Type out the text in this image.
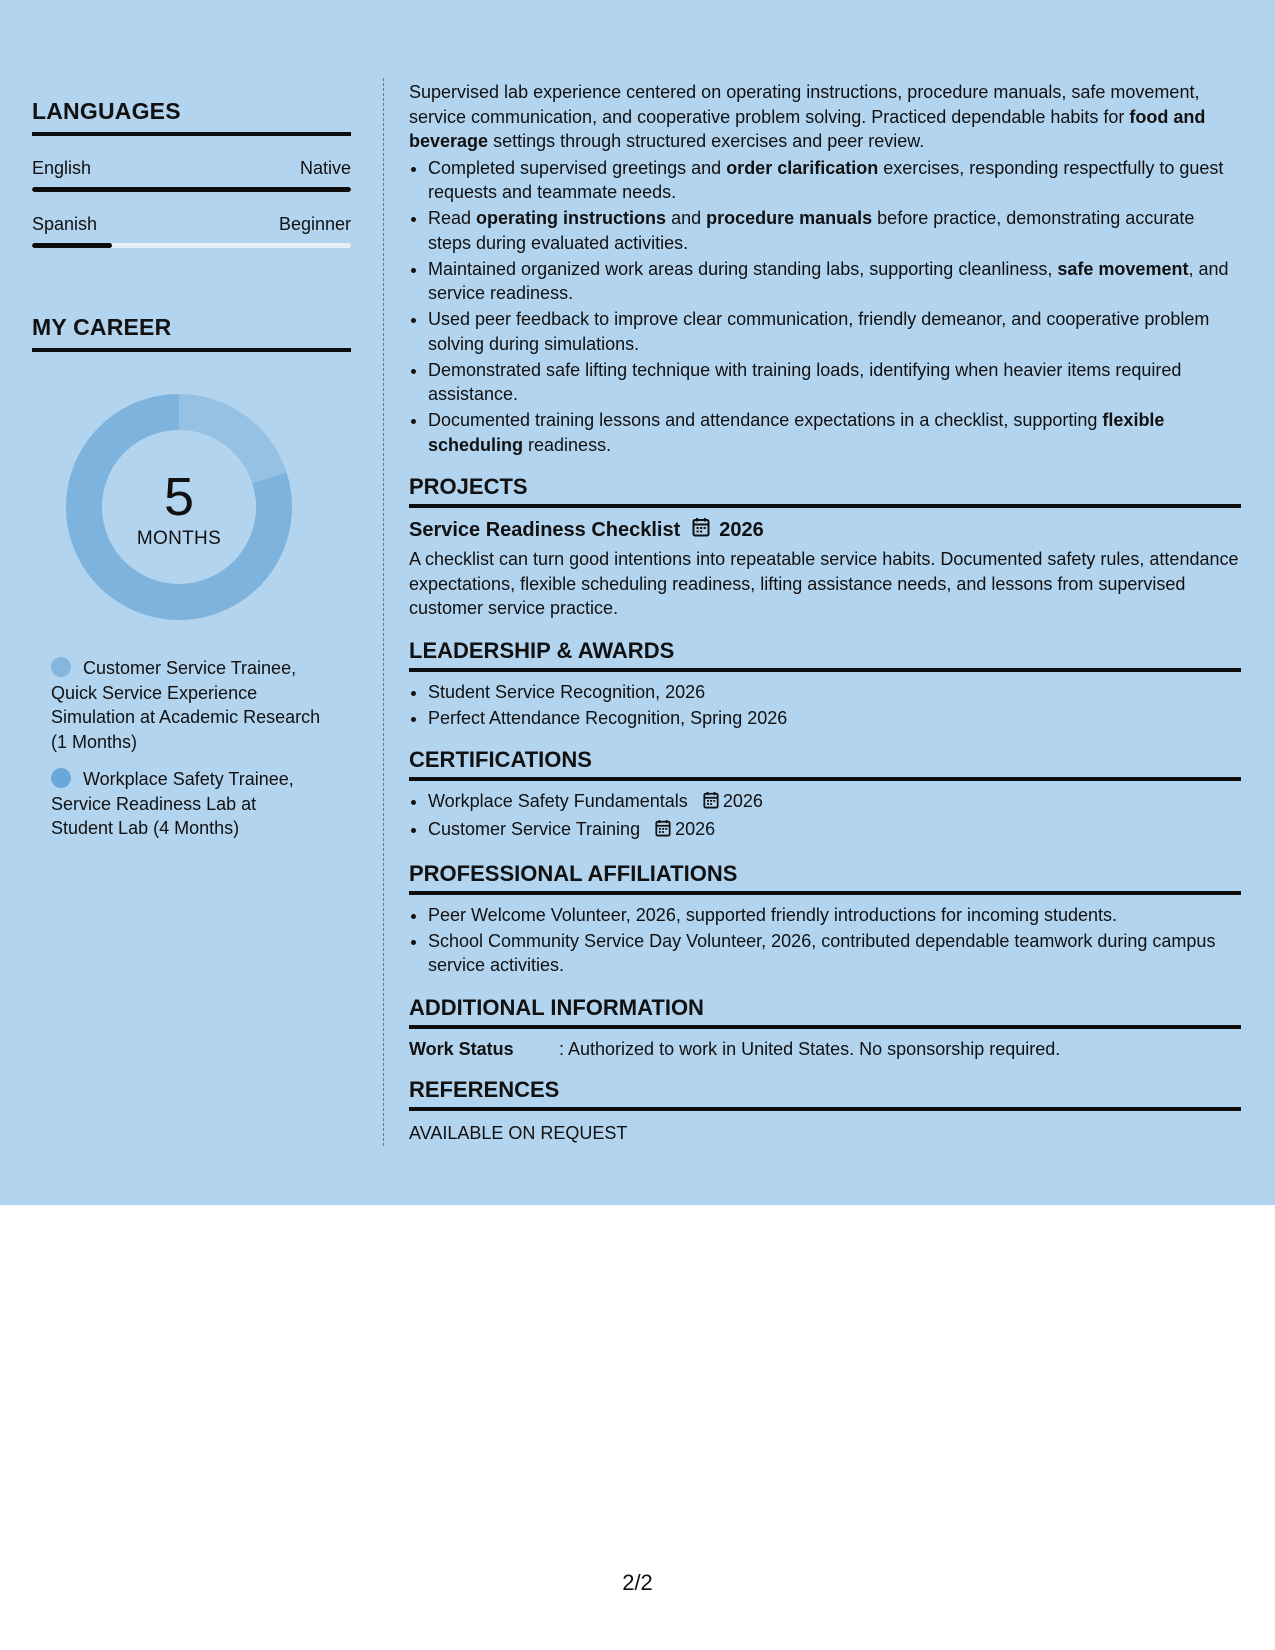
LANGUAGES
English	Native
Spanish	Beginner
MY CAREER
5
MONTHS
Customer Service Trainee, Quick Service Experience Simulation at Academic Research (1 Months)
Workplace Safety Trainee, Service Readiness Lab at Student Lab (4 Months)

Supervised lab experience centered on operating instructions, procedure manuals, safe movement, service communication, and cooperative problem solving. Practiced dependable habits for food and beverage settings through structured exercises and peer review.

• Completed supervised greetings and order clarification exercises, responding respectfully to guest requests and teammate needs.
• Read operating instructions and procedure manuals before practice, demonstrating accurate steps during evaluated activities.
• Maintained organized work areas during standing labs, supporting cleanliness, safe movement, and service readiness.
• Used peer feedback to improve clear communication, friendly demeanor, and cooperative problem solving during simulations.
• Demonstrated safe lifting technique with training loads, identifying when heavier items required assistance.
• Documented training lessons and attendance expectations in a checklist, supporting flexible scheduling readiness.
PROJECTS
Service Readiness Checklist 2026
A checklist can turn good intentions into repeatable service habits. Documented safety rules, attendance expectations, flexible scheduling readiness, lifting assistance needs, and lessons from supervised customer service practice.
LEADERSHIP & AWARDS
• Student Service Recognition, 2026
• Perfect Attendance Recognition, Spring 2026
CERTIFICATIONS
• Workplace Safety Fundamentals 2026
• Customer Service Training 2026
PROFESSIONAL AFFILIATIONS
• Peer Welcome Volunteer, 2026, supported friendly introductions for incoming students.
• School Community Service Day Volunteer, 2026, contributed dependable teamwork during campus service activities.
ADDITIONAL INFORMATION
Work Status	: Authorized to work in United States. No sponsorship required.
REFERENCES
AVAILABLE ON REQUEST
2/2
